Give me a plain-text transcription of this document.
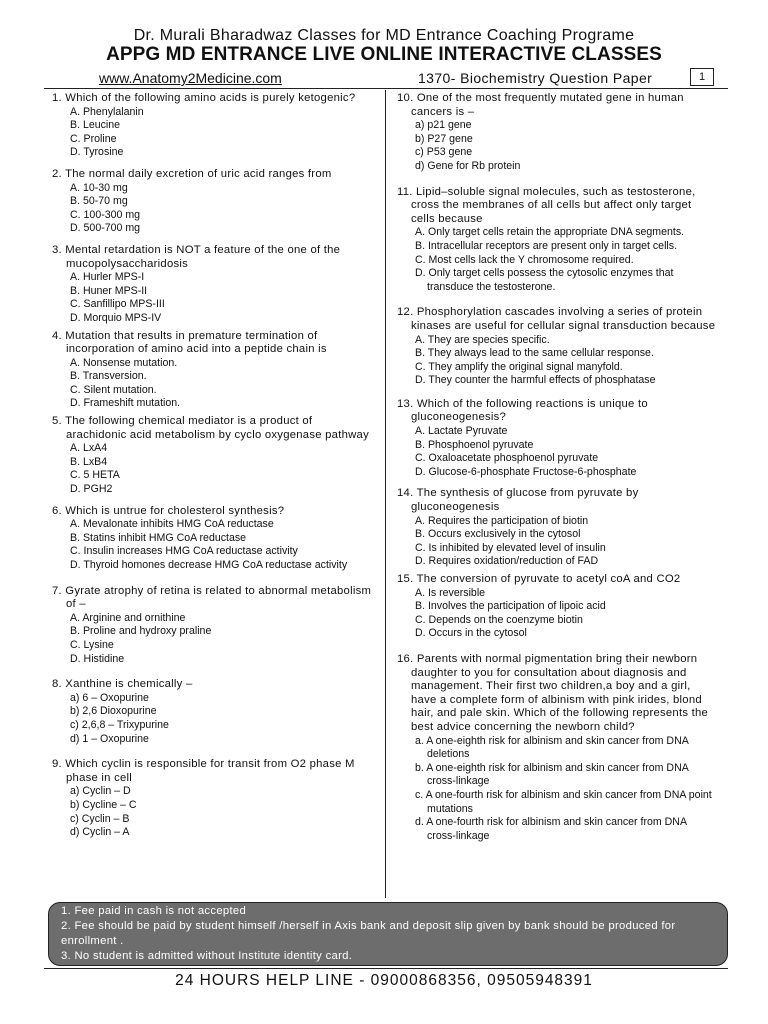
Dr. Murali Bharadwaz Classes for MD Entrance Coaching Programe
APPG MD ENTRANCE LIVE ONLINE INTERACTIVE CLASSES
www.Anatomy2Medicine.com	1370- Biochemistry Question Paper	1
1. Which of the following amino acids is purely ketogenic?
A. Phenylalanin
B. Leucine
C. Proline
D. Tyrosine
2. The normal daily excretion of uric acid ranges from
A. 10-30 mg
B. 50-70 mg
C. 100-300 mg
D. 500-700 mg
3. Mental retardation is NOT a feature of the one of the mucopolysaccharidosis
A. Hurler MPS-I
B. Huner MPS-II
C. Sanfillipo MPS-III
D. Morquio MPS-IV
4. Mutation that results in premature termination of incorporation of amino acid into a peptide chain is
A. Nonsense mutation.
B. Transversion.
C. Silent mutation.
D. Frameshift mutation.
5. The following chemical mediator is a product of arachidonic acid metabolism by cyclo oxygenase pathway
A. LxA4
B. LxB4
C. 5 HETA
D. PGH2
6. Which is untrue for cholesterol synthesis?
A. Mevalonate inhibits HMG CoA reductase
B. Statins inhibit HMG CoA reductase
C. Insulin increases HMG CoA reductase activity
D. Thyroid homones decrease HMG CoA reductase activity
7. Gyrate atrophy of retina is related to abnormal metabolism of –
A. Arginine and ornithine
B. Proline and hydroxy praline
C. Lysine
D. Histidine
8. Xanthine is chemically –
a) 6 – Oxopurine
b) 2,6 Dioxopurine
c) 2,6,8 – Trixypurine
d) 1 – Oxopurine
9. Which cyclin is responsible for transit from O2 phase M phase in cell
a) Cyclin – D
b) Cycline – C
c) Cyclin – B
d) Cyclin – A
10. One of the most frequently mutated gene in human cancers is –
a) p21 gene
b) P27 gene
c) P53 gene
d) Gene for Rb protein
11. Lipid–soluble signal molecules, such as testosterone, cross the membranes of all cells but affect only target cells because
A. Only target cells retain the appropriate DNA segments.
B. Intracellular receptors are present only in target cells.
C. Most cells lack the Y chromosome required.
D. Only target cells possess the cytosolic enzymes that transduce the testosterone.
12. Phosphorylation cascades involving a series of protein kinases are useful for cellular signal transduction because
A. They are species specific.
B. They always lead to the same cellular response.
C. They amplify the original signal manyfold.
D. They counter the harmful effects of phosphatase
13. Which of the following reactions is unique to gluconeogenesis?
A. Lactate Pyruvate
B. Phosphoenol pyruvate
C. Oxaloacetate phosphoenol pyruvate
D. Glucose-6-phosphate Fructose-6-phosphate
14. The synthesis of glucose from pyruvate by gluconeogenesis
A. Requires the participation of biotin
B. Occurs exclusively in the cytosol
C. Is inhibited by elevated level of insulin
D. Requires oxidation/reduction of FAD
15. The conversion of pyruvate to acetyl coA and CO2
A. Is reversible
B. Involves the participation of lipoic acid
C. Depends on the coenzyme biotin
D. Occurs in the cytosol
16. Parents with normal pigmentation bring their newborn daughter to you for consultation about diagnosis and management. Their first two children,a boy and a girl, have a complete form of albinism with pink irides, blond hair, and pale skin. Which of the following represents the best advice concerning the newborn child?
a. A one-eighth risk for albinism and skin cancer from DNA deletions
b. A one-eighth risk for albinism and skin cancer from DNA cross-linkage
c. A one-fourth risk for albinism and skin cancer from DNA point mutations
d. A one-fourth risk for albinism and skin cancer from DNA cross-linkage
1. Fee paid in cash is not accepted
2. Fee should be paid by student himself /herself in Axis bank and deposit slip given by bank should be produced for enrollment .
3. No student is admitted without Institute identity card.
24 HOURS HELP LINE - 09000868356, 09505948391
